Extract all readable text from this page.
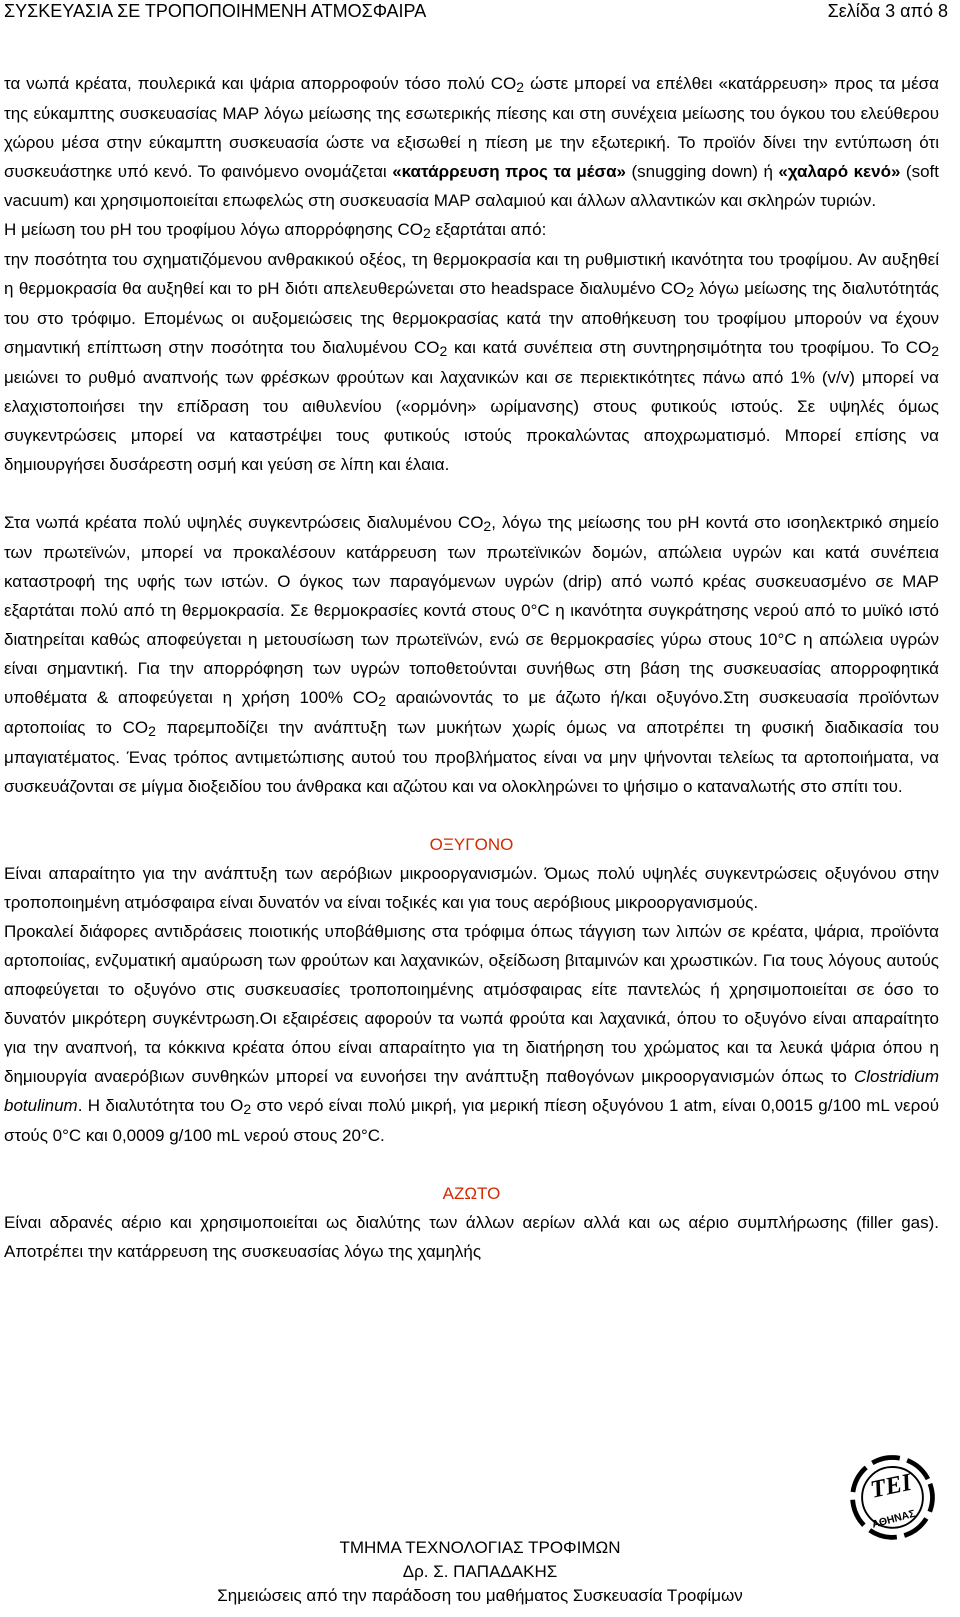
ΣΥΣΚΕΥΑΣΙΑ ΣΕ ΤΡΟΠΟΠΟΙΗΜΕΝΗ ΑΤΜΟΣΦΑΙΡΑ	Σελίδα 3 από 8

τα νωπά κρέατα, πουλερικά και ψάρια απορροφούν τόσο πολύ CO2 ώστε μπορεί να επέλθει «κατάρρευση» προς τα μέσα της εύκαμπτης συσκευασίας MAP λόγω μείωσης της εσωτερικής πίεσης και στη συνέχεια μείωσης του όγκου του ελεύθερου χώρου μέσα στην εύκαμπτη συσκευασία ώστε να εξισωθεί η πίεση με την εξωτερική. Το προϊόν δίνει την εντύπωση ότι συσκευάστηκε υπό κενό. Το φαινόμενο ονομάζεται «κατάρρευση προς τα μέσα» (snugging down) ή «χαλαρό κενό» (soft vacuum) και χρησιμοποιείται επωφελώς στη συσκευασία MAP σαλαμιού και άλλων αλλαντικών και σκληρών τυριών.

Η μείωση του pH του τροφίμου λόγω απορρόφησης CO2 εξαρτάται από:

την ποσότητα του σχηματιζόμενου ανθρακικού οξέος, τη θερμοκρασία και τη ρυθμιστική ικανότητα του τροφίμου. Αν αυξηθεί η θερμοκρασία θα αυξηθεί και το pH διότι απελευθερώνεται στο headspace διαλυμένο CO2 λόγω μείωσης της διαλυτότητάς του στο τρόφιμο. Επομένως οι αυξομειώσεις της θερμοκρασίας κατά την αποθήκευση του τροφίμου μπορούν να έχουν σημαντική επίπτωση στην ποσότητα του διαλυμένου CO2 και κατά συνέπεια στη συντηρησιμότητα του τροφίμου. Το CO2 μειώνει το ρυθμό αναπνοής των φρέσκων φρούτων και λαχανικών και σε περιεκτικότητες πάνω από 1% (v/v) μπορεί να ελαχιστοποιήσει την επίδραση του αιθυλενίου («ορμόνη» ωρίμανσης) στους φυτικούς ιστούς. Σε υψηλές όμως συγκεντρώσεις μπορεί να καταστρέψει τους φυτικούς ιστούς προκαλώντας αποχρωματισμό. Μπορεί επίσης να δημιουργήσει δυσάρεστη οσμή και γεύση σε λίπη και έλαια.

Στα νωπά κρέατα πολύ υψηλές συγκεντρώσεις διαλυμένου CO2, λόγω της μείωσης του pH κοντά στο ισοηλεκτρικό σημείο των πρωτεϊνών, μπορεί να προκαλέσουν κατάρρευση των πρωτεϊνικών δομών, απώλεια υγρών και κατά συνέπεια καταστροφή της υφής των ιστών. Ο όγκος των παραγόμενων υγρών (drip) από νωπό κρέας συσκευασμένο σε MAP εξαρτάται πολύ από τη θερμοκρασία. Σε θερμοκρασίες κοντά στους 0°C η ικανότητα συγκράτησης νερού από το μυϊκό ιστό διατηρείται καθώς αποφεύγεται η μετουσίωση των πρωτεϊνών, ενώ σε θερμοκρασίες γύρω στους 10°C η απώλεια υγρών είναι σημαντική. Για την απορρόφηση των υγρών τοποθετούνται συνήθως στη βάση της συσκευασίας απορροφητικά υποθέματα & αποφεύγεται η χρήση 100% CO2 αραιώνοντάς το με άζωτο ή/και οξυγόνο.Στη συσκευασία προϊόντων αρτοποιίας το CO2 παρεμποδίζει την ανάπτυξη των μυκήτων χωρίς όμως να αποτρέπει τη φυσική διαδικασία του μπαγιατέματος. Ένας τρόπος αντιμετώπισης αυτού του προβλήματος είναι να μην ψήνονται τελείως τα αρτοποιήματα, να συσκευάζονται σε μίγμα διοξειδίου του άνθρακα και αζώτου και να ολοκληρώνει το ψήσιμο ο καταναλωτής στο σπίτι του.

ΟΞΥΓΟΝΟ

Είναι απαραίτητο για την ανάπτυξη των αερόβιων μικροοργανισμών. Όμως πολύ υψηλές συγκεντρώσεις οξυγόνου στην τροποποιημένη ατμόσφαιρα είναι δυνατόν να είναι τοξικές και για τους αερόβιους μικροοργανισμούς.

Προκαλεί διάφορες αντιδράσεις ποιοτικής υποβάθμισης στα τρόφιμα όπως τάγγιση των λιπών σε κρέατα, ψάρια, προϊόντα αρτοποιίας, ενζυματική αμαύρωση των φρούτων και λαχανικών, οξείδωση βιταμινών και χρωστικών. Για τους λόγους αυτούς αποφεύγεται το οξυγόνο στις συσκευασίες τροποποιημένης ατμόσφαιρας είτε παντελώς ή χρησιμοποιείται σε όσο το δυνατόν μικρότερη συγκέντρωση.Οι εξαιρέσεις αφορούν τα νωπά φρούτα και λαχανικά, όπου το οξυγόνο είναι απαραίτητο για την αναπνοή, τα κόκκινα κρέατα όπου είναι απαραίτητο για τη διατήρηση του χρώματος και τα λευκά ψάρια όπου η δημιουργία αναερόβιων συνθηκών μπορεί να ευνοήσει την ανάπτυξη παθογόνων μικροοργανισμών όπως το Clostridium botulinum. Η διαλυτότητα του O2 στο νερό είναι πολύ μικρή, για μερική πίεση οξυγόνου 1 atm, είναι 0,0015 g/100 mL νερού στούς 0°C και 0,0009 g/100 mL νερού στους 20°C.

ΑΖΩΤΟ

Είναι αδρανές αέριο και χρησιμοποιείται ως διαλύτης των άλλων αερίων αλλά και ως αέριο συμπλήρωσης (filler gas). Αποτρέπει την κατάρρευση της συσκευασίας λόγω της χαμηλής

ΤΜΗΜΑ ΤΕΧΝΟΛΟΓΙΑΣ ΤΡΟΦΙΜΩΝ
Δρ. Σ. ΠΑΠΑΔΑΚΗΣ
Σημειώσεις από την παράδοση του μαθήματος Συσκευασία Τροφίμων
ΤΕΙ
ΑΘΗΝΑΣ
